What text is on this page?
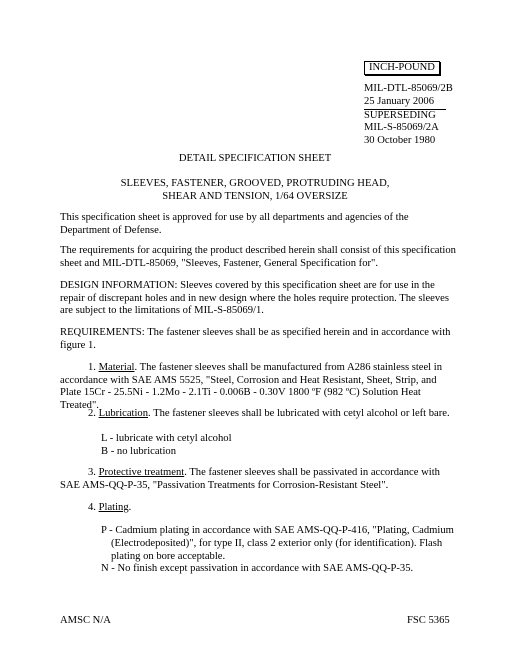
INCH-POUND
MIL-DTL-85069/2B
25 January 2006
SUPERSEDING
MIL-S-85069/2A
30 October 1980
DETAIL SPECIFICATION SHEET
SLEEVES, FASTENER, GROOVED, PROTRUDING HEAD,
SHEAR AND TENSION, 1/64 OVERSIZE
This specification sheet is approved for use by all departments and agencies of the Department of Defense.
The requirements for acquiring the product described herein shall consist of this specification sheet and MIL-DTL-85069, "Sleeves, Fastener, General Specification for".
DESIGN INFORMATION: Sleeves covered by this specification sheet are for use in the repair of discrepant holes and in new design where the holes require protection. The sleeves are subject to the limitations of MIL-S-85069/1.
REQUIREMENTS: The fastener sleeves shall be as specified herein and in accordance with figure 1.
1. Material. The fastener sleeves shall be manufactured from A286 stainless steel in accordance with SAE AMS 5525, "Steel, Corrosion and Heat Resistant, Sheet, Strip, and Plate 15Cr - 25.5Ni - 1.2Mo - 2.1Ti - 0.006B - 0.30V 1800 ºF (982 ºC) Solution Heat Treated".
2. Lubrication. The fastener sleeves shall be lubricated with cetyl alcohol or left bare.
L - lubricate with cetyl alcohol
B - no lubrication
3. Protective treatment. The fastener sleeves shall be passivated in accordance with SAE AMS-QQ-P-35, "Passivation Treatments for Corrosion-Resistant Steel".
4. Plating.
P - Cadmium plating in accordance with SAE AMS-QQ-P-416, "Plating, Cadmium
(Electrodeposited)", for type II, class 2 exterior only (for identification). Flash
plating on bore acceptable.
N - No finish except passivation in accordance with SAE AMS-QQ-P-35.
AMSC N/A	FSC 5365
